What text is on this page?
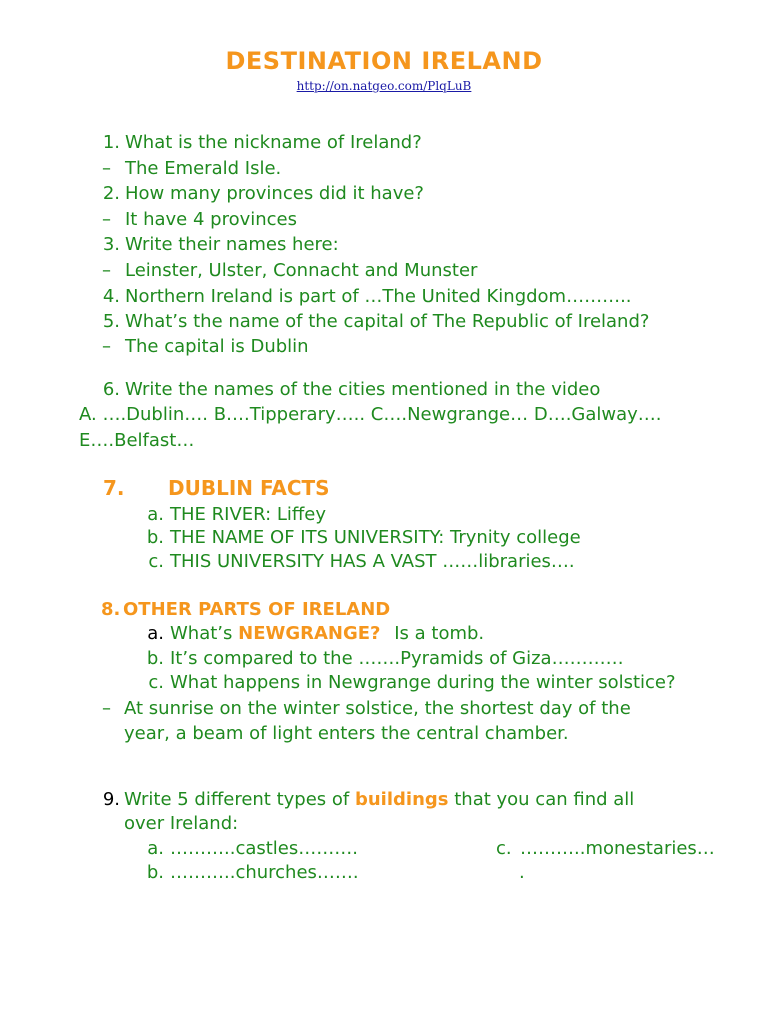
DESTINATION IRELAND
http://on.natgeo.com/PlqLuB
1. What is the nickname of Ireland?
– The Emerald Isle.
2. How many provinces did it have?
– It have 4 provinces
3. Write their names here:
– Leinster, Ulster, Connacht and Munster
4. Northern Ireland is part of …The United Kingdom………..
5. What’s the name of the capital of The Republic of Ireland?
– The capital is Dublin
6. Write the names of the cities mentioned in the video
A. ….Dublin…. B….Tipperary….. C….Newgrange… D….Galway….
E….Belfast…
7. DUBLIN FACTS
a. THE RIVER: Liffey
b. THE NAME OF ITS UNIVERSITY: Trynity college
c. THIS UNIVERSITY HAS A VAST ……libraries….
8. OTHER PARTS OF IRELAND
a. What’s NEWGRANGE? Is a tomb.
b. It’s compared to the …….Pyramids of Giza…………
c. What happens in Newgrange during the winter solstice?
– At sunrise on the winter solstice, the shortest day of the
year, a beam of light enters the central chamber.
9. Write 5 different types of buildings that you can find all
over Ireland:
a. ………..castles……….	c. ………..monestaries…
b. ………..churches…….	.
